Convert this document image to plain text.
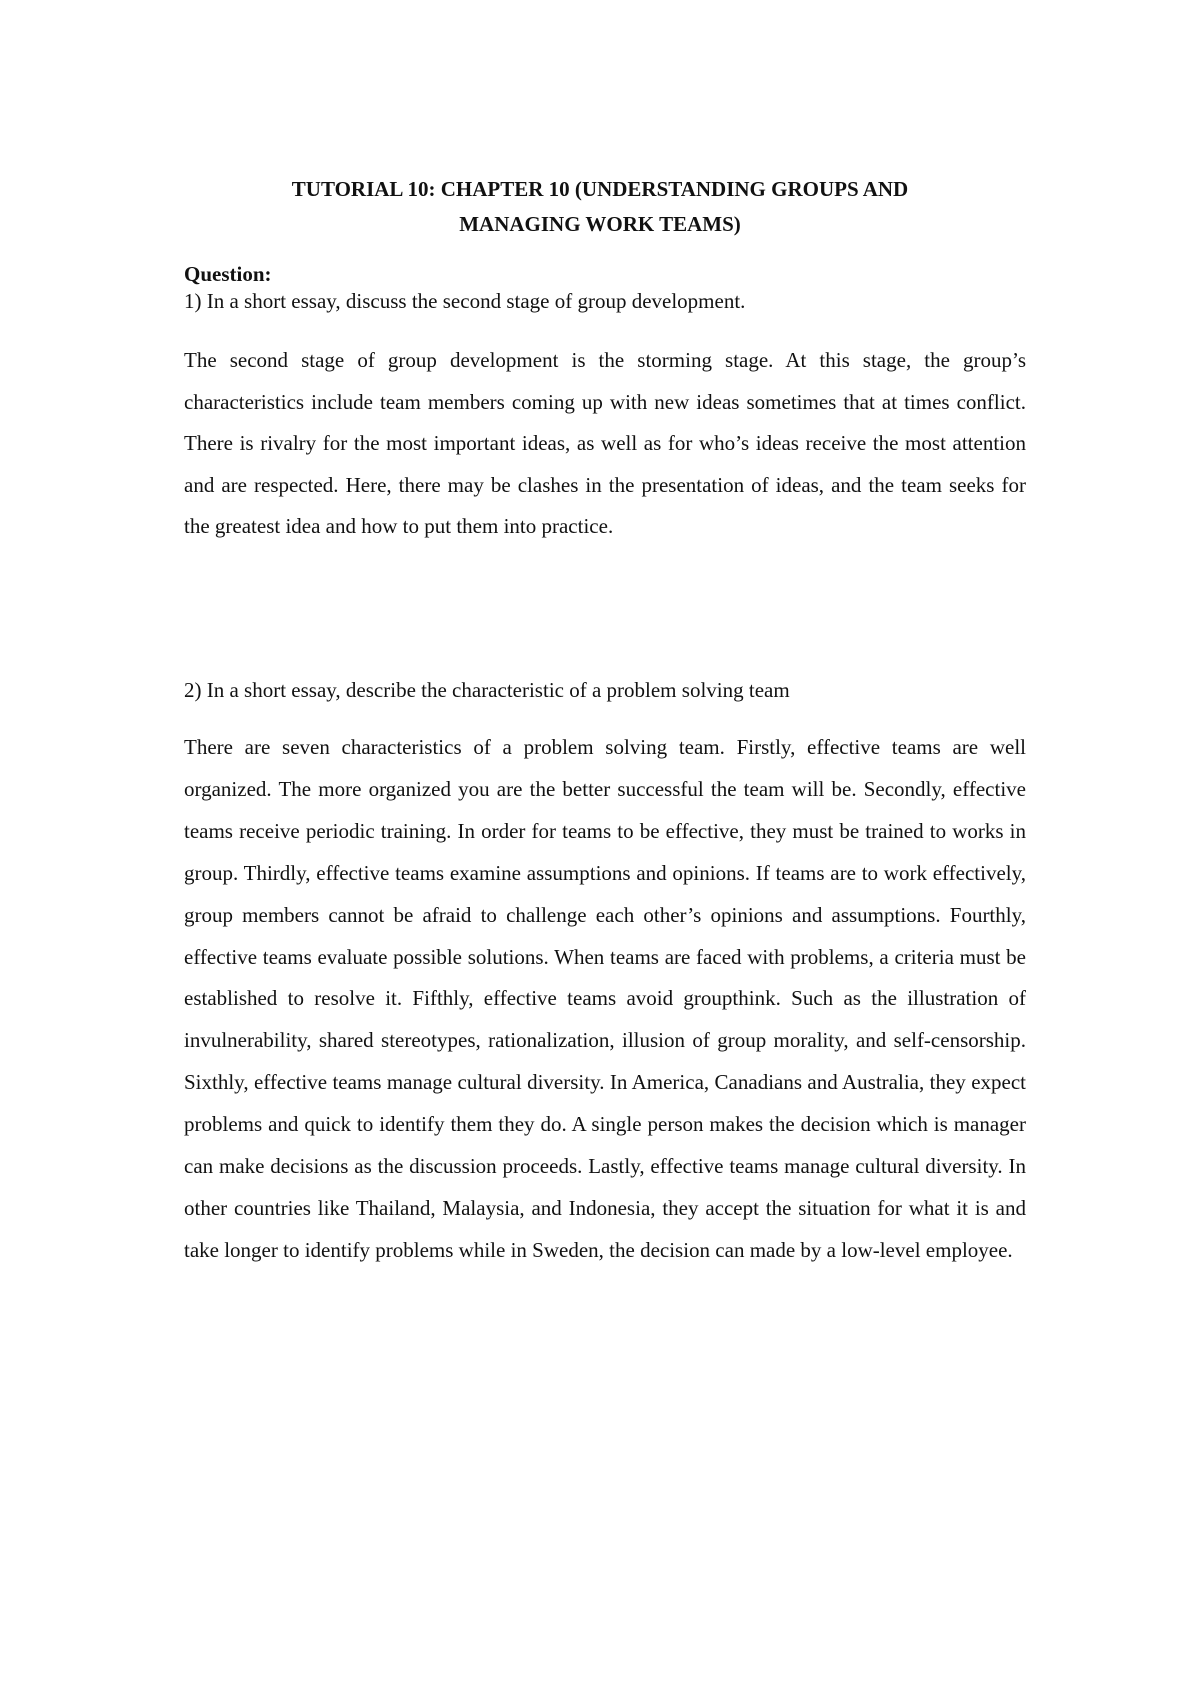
TUTORIAL 10: CHAPTER 10 (UNDERSTANDING GROUPS AND
MANAGING WORK TEAMS)

Question:

1) In a short essay, discuss the second stage of group development.

The second stage of group development is the storming stage. At this stage, the group’s characteristics include team members coming up with new ideas sometimes that at times conflict. There is rivalry for the most important ideas, as well as for who’s ideas receive the most attention and are respected. Here, there may be clashes in the presentation of ideas, and the team seeks for the greatest idea and how to put them into practice.

2) In a short essay, describe the characteristic of a problem solving team

There are seven characteristics of a problem solving team. Firstly, effective teams are well organized. The more organized you are the better successful the team will be. Secondly, effective teams receive periodic training. In order for teams to be effective, they must be trained to works in group. Thirdly, effective teams examine assumptions and opinions. If teams are to work effectively, group members cannot be afraid to challenge each other’s opinions and assumptions. Fourthly, effective teams evaluate possible solutions. When teams are faced with problems, a criteria must be established to resolve it. Fifthly, effective teams avoid groupthink. Such as the illustration of invulnerability, shared stereotypes, rationalization, illusion of group morality, and self-censorship. Sixthly, effective teams manage cultural diversity. In America, Canadians and Australia, they expect problems and quick to identify them they do. A single person makes the decision which is manager can make decisions as the discussion proceeds. Lastly, effective teams manage cultural diversity. In other countries like Thailand, Malaysia, and Indonesia, they accept the situation for what it is and take longer to identify problems while in Sweden, the decision can made by a low-level employee.
